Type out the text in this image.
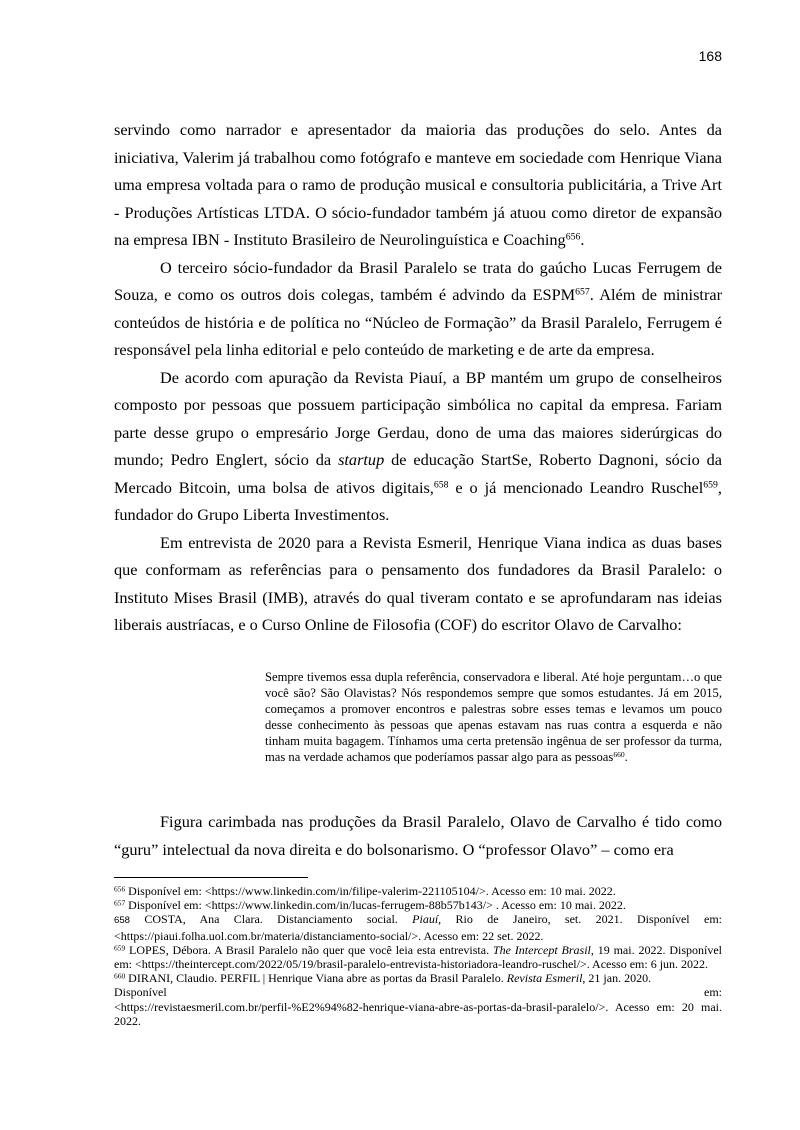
168

servindo como narrador e apresentador da maioria das produções do selo. Antes da iniciativa, Valerim já trabalhou como fotógrafo e manteve em sociedade com Henrique Viana uma empresa voltada para o ramo de produção musical e consultoria publicitária, a Trive Art - Produções Artísticas LTDA. O sócio-fundador também já atuou como diretor de expansão na empresa IBN - Instituto Brasileiro de Neurolinguística e Coaching$^{656}$.

O terceiro sócio-fundador da Brasil Paralelo se trata do gaúcho Lucas Ferrugem de Souza, e como os outros dois colegas, também é advindo da ESPM$^{657}$. Além de ministrar conteúdos de história e de política no “Núcleo de Formação” da Brasil Paralelo, Ferrugem é responsável pela linha editorial e pelo conteúdo de marketing e de arte da empresa.

De acordo com apuração da Revista Piauí, a BP mantém um grupo de conselheiros composto por pessoas que possuem participação simbólica no capital da empresa. Fariam parte desse grupo o empresário Jorge Gerdau, dono de uma das maiores siderúrgicas do mundo; Pedro Englert, sócio da startup de educação StartSe, Roberto Dagnoni, sócio da Mercado Bitcoin, uma bolsa de ativos digitais,$^{658}$ e o já mencionado Leandro Ruschel$^{659}$, fundador do Grupo Liberta Investimentos.

Em entrevista de 2020 para a Revista Esmeril, Henrique Viana indica as duas bases que conformam as referências para o pensamento dos fundadores da Brasil Paralelo: o Instituto Mises Brasil (IMB), através do qual tiveram contato e se aprofundaram nas ideias liberais austríacas, e o Curso Online de Filosofia (COF) do escritor Olavo de Carvalho:

Sempre tivemos essa dupla referência, conservadora e liberal. Até hoje perguntam…o que você são? São Olavistas? Nós respondemos sempre que somos estudantes. Já em 2015, começamos a promover encontros e palestras sobre esses temas e levamos um pouco desse conhecimento às pessoas que apenas estavam nas ruas contra a esquerda e não tinham muita bagagem. Tínhamos uma certa pretensão ingênua de ser professor da turma, mas na verdade achamos que poderíamos passar algo para as pessoas$^{660}$.

Figura carimbada nas produções da Brasil Paralelo, Olavo de Carvalho é tido como “guru” intelectual da nova direita e do bolsonarismo. O “professor Olavo” – como era

$^{656}$ Disponível em: <https://www.linkedin.com/in/filipe-valerim-221105104/>. Acesso em: 10 mai. 2022.

$^{657}$ Disponível em: <https://www.linkedin.com/in/lucas-ferrugem-88b57b143/> . Acesso em: 10 mai. 2022.

658 COSTA, Ana Clara. Distanciamento social. Piauí, Rio de Janeiro, set. 2021. Disponível em: <https://piaui.folha.uol.com.br/materia/distanciamento-social/>. Acesso em: 22 set. 2022.

$^{659}$ LOPES, Débora. A Brasil Paralelo não quer que você leia esta entrevista. The Intercept Brasil, 19 mai. 2022. Disponível em: <https://theintercept.com/2022/05/19/brasil-paralelo-entrevista-historiadora-leandro-ruschel/>. Acesso em: 6 jun. 2022.

$^{660}$ DIRANI, Claudio. PERFIL | Henrique Viana abre as portas da Brasil Paralelo. Revista Esmeril, 21 jan. 2020.

Disponível	em:

<https://revistaesmeril.com.br/perfil-%E2%94%82-henrique-viana-abre-as-portas-da-brasil-paralelo/>. Acesso em: 20 mai. 2022.
